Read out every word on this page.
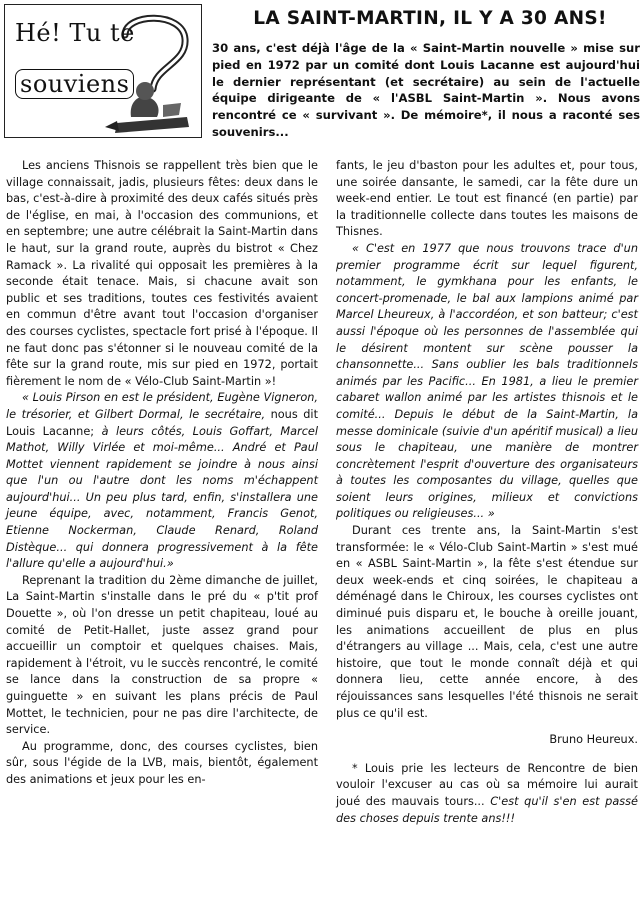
Hé! Tu te
souviens
LA SAINT-MARTIN, IL Y A 30 ANS!
30 ans, c'est déjà l'âge de la « Saint-Martin nouvelle » mise sur pied en 1972 par un comité dont Louis Lacanne est aujourd'hui le dernier représentant (et secrétaire) au sein de l'actuelle équipe dirigeante de « l'ASBL Saint-Martin ». Nous avons rencontré ce « survivant ». De mémoire*, il nous a raconté ses souvenirs...

Les anciens Thisnois se rappellent très bien que le village connaissait, jadis, plusieurs fêtes: deux dans le bas, c'est-à-dire à proximité des deux cafés situés près de l'église, en mai, à l'occasion des communions, et en septembre; une autre célébrait la Saint-Martin dans le haut, sur la grand route, auprès du bistrot « Chez Ramack ». La rivalité qui opposait les premières à la seconde était tenace. Mais, si chacune avait son public et ses traditions, toutes ces festivités avaient en commun d'être avant tout l'occasion d'organiser des courses cyclistes, spectacle fort prisé à l'époque. Il ne faut donc pas s'étonner si le nouveau comité de la fête sur la grand route, mis sur pied en 1972, portait fièrement le nom de « Vélo-Club Saint-Martin »!

« Louis Pirson en est le président, Eugène Vigneron, le trésorier, et Gilbert Dormal, le secrétaire, nous dit Louis Lacanne; à leurs côtés, Louis Goffart, Marcel Mathot, Willy Virlée et moi-même... André et Paul Mottet viennent rapidement se joindre à nous ainsi que l'un ou l'autre dont les noms m'échappent aujourd'hui... Un peu plus tard, enfin, s'installera une jeune équipe, avec, notamment, Francis Genot, Etienne Nockerman, Claude Renard, Roland Distèque... qui donnera progressivement à la fête l'allure qu'elle a aujourd'hui.»

Reprenant la tradition du 2ème dimanche de juillet, La Saint-Martin s'installe dans le pré du « p'tit prof Douette », où l'on dresse un petit chapiteau, loué au comité de Petit-Hallet, juste assez grand pour accueillir un comptoir et quelques chaises. Mais, rapidement à l'étroit, vu le succès rencontré, le comité se lance dans la construction de sa propre « guinguette » en suivant les plans précis de Paul Mottet, le technicien, pour ne pas dire l'architecte, de service.

Au programme, donc, des courses cyclistes, bien sûr, sous l'égide de la LVB, mais, bientôt, également des animations et jeux pour les en-

fants, le jeu d'baston pour les adultes et, pour tous, une soirée dansante, le samedi, car la fête dure un week-end entier. Le tout est financé (en partie) par la traditionnelle collecte dans toutes les maisons de Thisnes.

« C'est en 1977 que nous trouvons trace d'un premier programme écrit sur lequel figurent, notamment, le gymkhana pour les enfants, le concert-promenade, le bal aux lampions animé par Marcel Lheureux, à l'accordéon, et son batteur; c'est aussi l'époque où les personnes de l'assemblée qui le désirent montent sur scène pousser la chansonnette... Sans oublier les bals traditionnels animés par les Pacific... En 1981, a lieu le premier cabaret wallon animé par les artistes thisnois et le comité... Depuis le début de la Saint-Martin, la messe dominicale (suivie d'un apéritif musical) a lieu sous le chapiteau, une manière de montrer concrètement l'esprit d'ouverture des organisateurs à toutes les composantes du village, quelles que soient leurs origines, milieux et convictions politiques ou religieuses... »

Durant ces trente ans, la Saint-Martin s'est transformée: le « Vélo-Club Saint-Martin » s'est mué en « ASBL Saint-Martin », la fête s'est étendue sur deux week-ends et cinq soirées, le chapiteau a déménagé dans le Chiroux, les courses cyclistes ont diminué puis disparu et, le bouche à oreille jouant, les animations accueillent de plus en plus d'étrangers au village ... Mais, cela, c'est une autre histoire, que tout le monde connaît déjà et qui donnera lieu, cette année encore, à des réjouissances sans lesquelles l'été thisnois ne serait plus ce qu'il est.

Bruno Heureux.

* Louis prie les lecteurs de Rencontre de bien vouloir l'excuser au cas où sa mémoire lui aurait joué des mauvais tours... C'est qu'il s'en est passé des choses depuis trente ans!!!
